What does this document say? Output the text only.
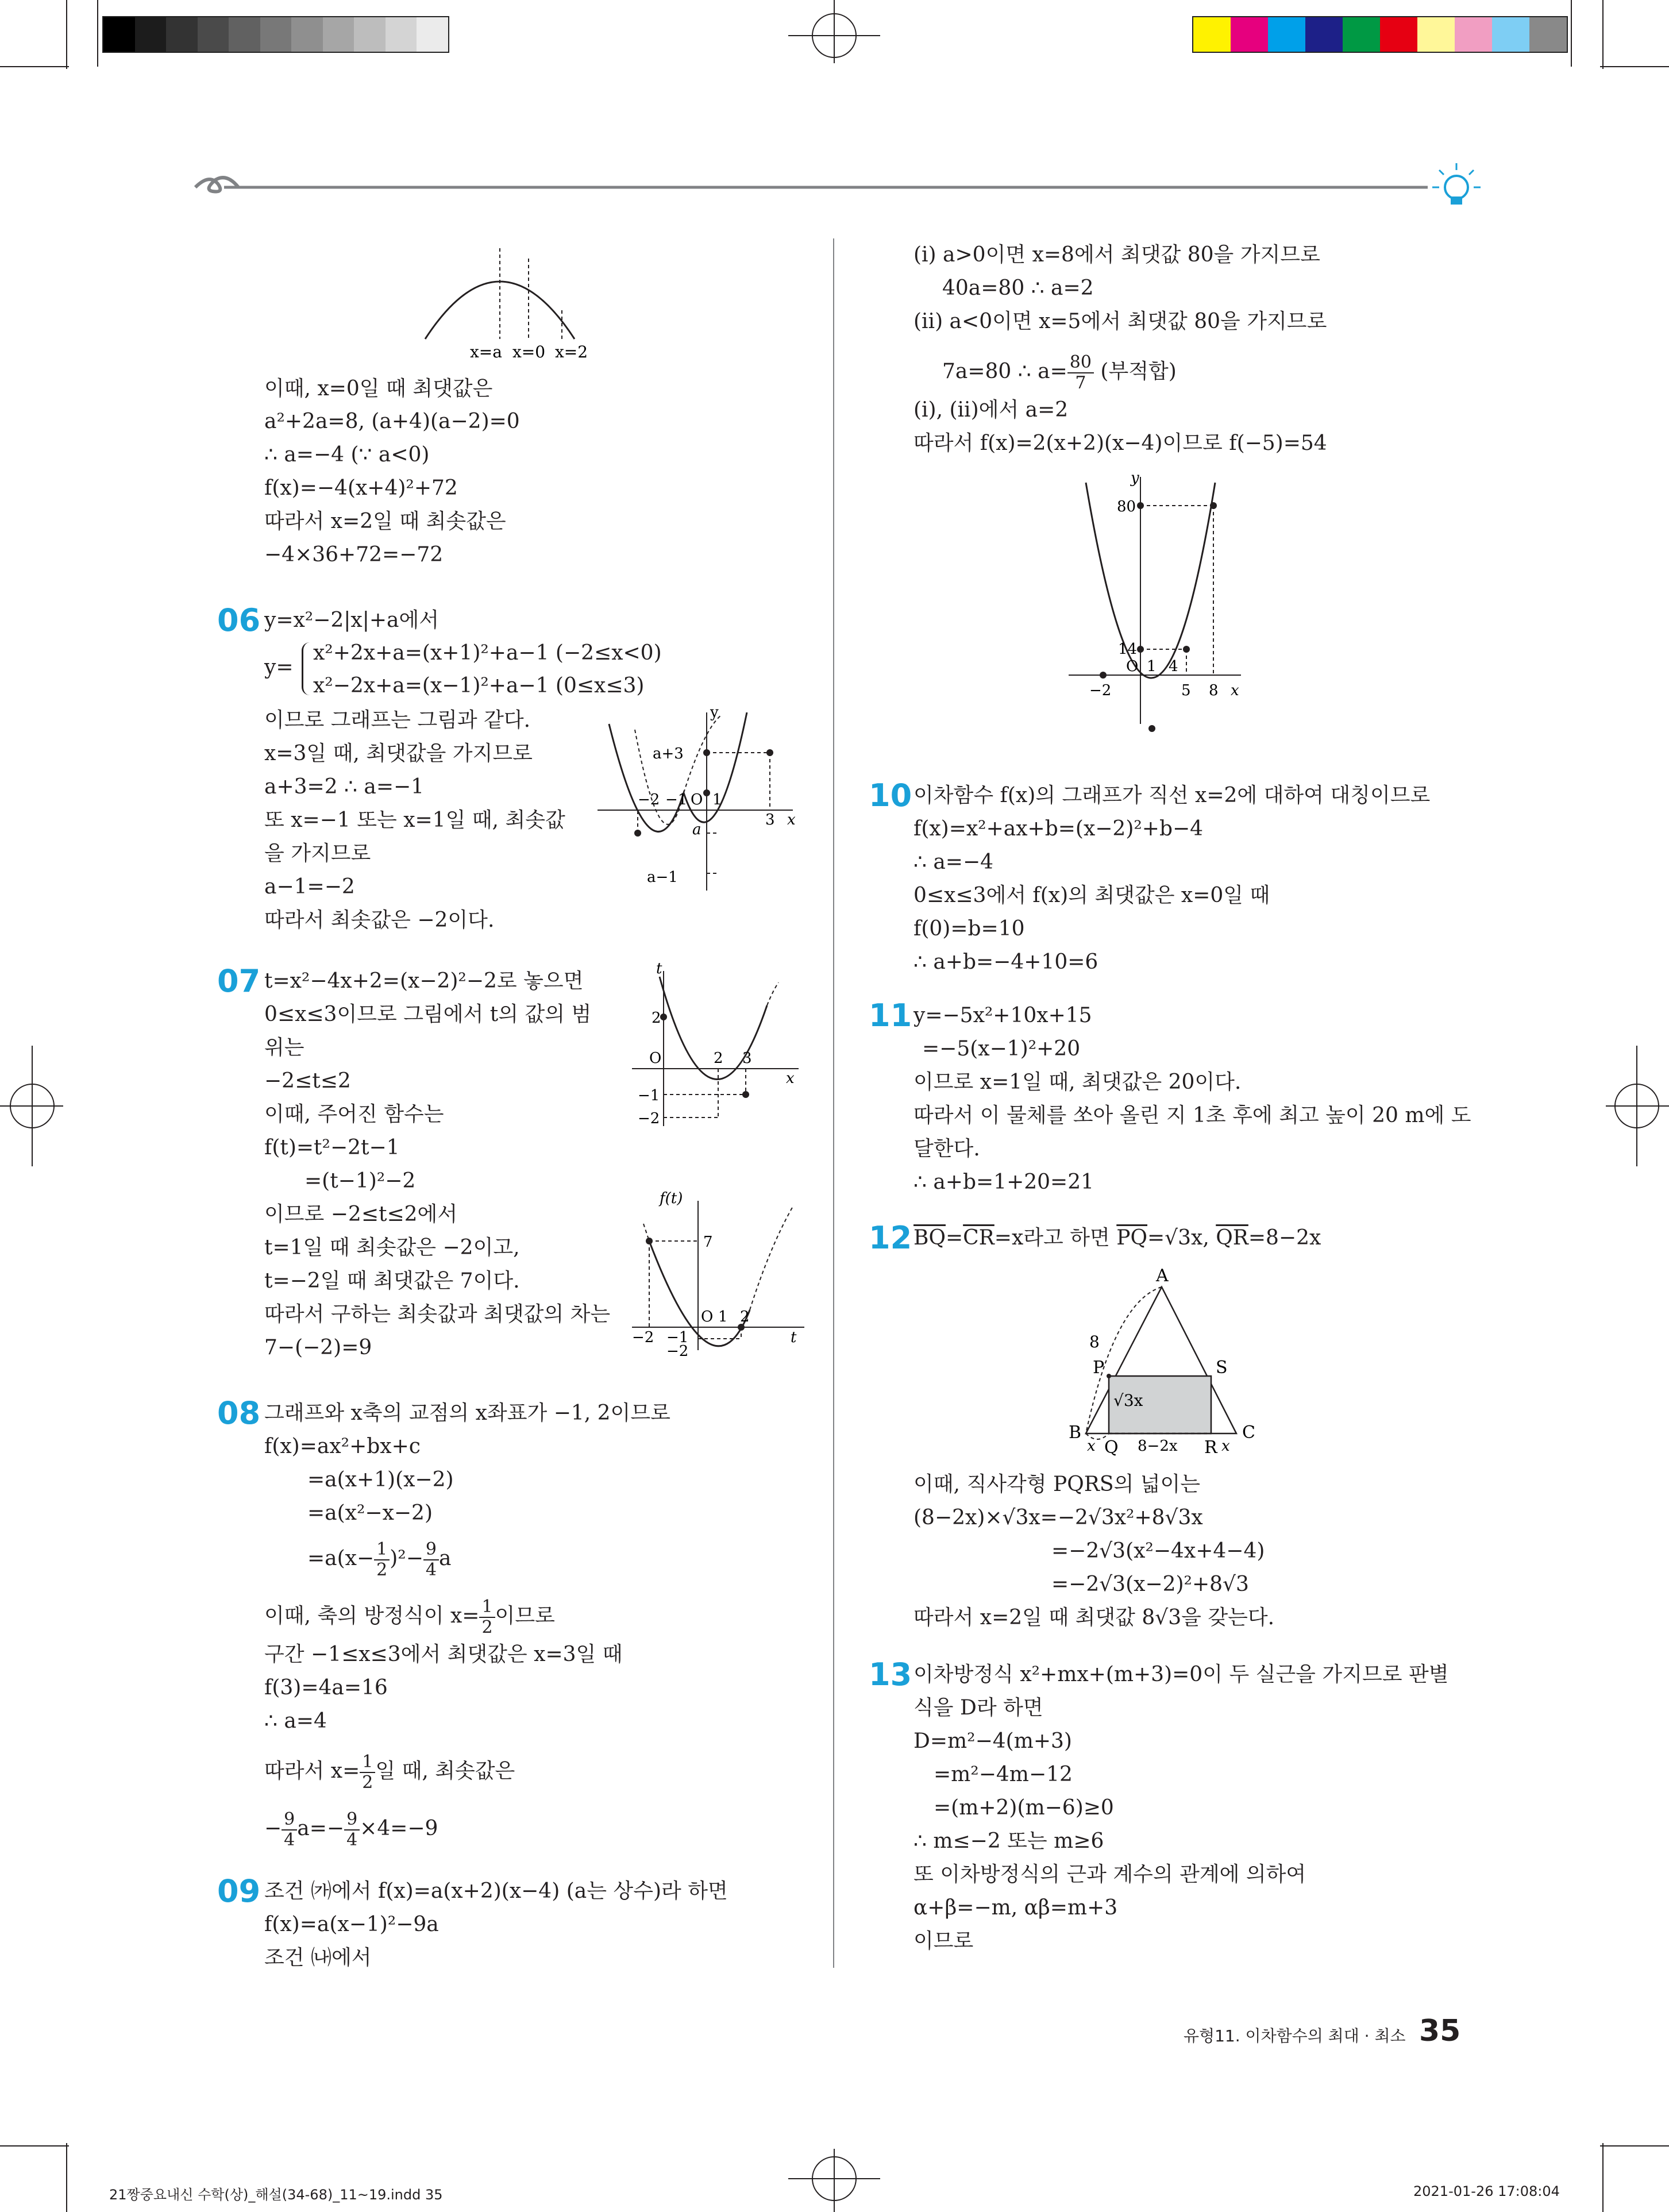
x=a x=0 x=2
이때, x=0일 때 최댓값은
a²+2a=8, (a+4)(a−2)=0
∴ a=−4 (∵ a<0)
f(x)=−4(x+4)²+72
따라서 x=2일 때 최솟값은
−4×36+72=−72
06 y=x²−2|x|+a에서
y=
x²+2x+a=(x+1)²+a−1 (−2≤x<0)
x²−2x+a=(x−1)²+a−1 (0≤x≤3)
이므로 그래프는 그림과 같다.
x=3일 때, 최댓값을 가지므로
a+3=2 ∴ a=−1
또 x=−1 또는 x=1일 때, 최솟값
을 가지므로
a−1=−2
따라서 최솟값은 −2이다.
y
a+3
−2 −1 O 1
3 x
a
a−1
07 t=x²−4x+2=(x−2)²−2로 놓으면
0≤x≤3이므로 그림에서 t의 값의 범
위는
−2≤t≤2
이때, 주어진 함수는
f(t)=t²−2t−1
=(t−1)²−2
이므로 −2≤t≤2에서
t=1일 때 최솟값은 −2이고,
t=−2일 때 최댓값은 7이다.
따라서 구하는 최솟값과 최댓값의 차는
7−(−2)=9
t
2
O	2 3
x
−1
−2
f(t)
7
O 1 2
−2 −1	t
−2
08 그래프와 x축의 교점의 x좌표가 −1, 2이므로
f(x)=ax²+bx+c
=a(x+1)(x−2)
=a(x²−x−2)
$=a(x- \frac{1}{2} )^2- \frac{9}{4}$ a
이때, 축의 방정식이 $x= \frac{1}{2}$ 이므로
구간 −1≤x≤3에서 최댓값은 x=3일 때
f(3)=4a=16
∴ a=4
따라서 $x= \frac{1}{2}$ 일 때, 최솟값은
− $\frac{9}{4} a=- \frac{9}{4} \times 4=-9$
09 조건 ㈎에서 f(x)=a(x+2)(x−4) (a는 상수)라 하면
f(x)=a(x−1)²−9a
조건 ㈏에서
(ⅰ) a>0이면 x=8에서 최댓값 80을 가지므로
40a=80 ∴ a=2
(ⅱ) a<0이면 x=5에서 최댓값 80을 가지므로
7a=80 ∴ $a= \frac{80}{7}$ (부적합)
(ⅰ), (ⅱ)에서 a=2
따라서 f(x)=2(x+2)(x−4)이므로 f(−5)=54
y
80
14
O 1 4
−2	5 8 x
10 이차함수 f(x)의 그래프가 직선 x=2에 대하여 대칭이므로
f(x)=x²+ax+b=(x−2)²+b−4
∴ a=−4
0≤x≤3에서 f(x)의 최댓값은 x=0일 때
f(0)=b=10
∴ a+b=−4+10=6
11 y=−5x²+10x+15
=−5(x−1)²+20
이므로 x=1일 때, 최댓값은 20이다.
따라서 이 물체를 쏘아 올린 지 1초 후에 최고 높이 20 m에 도
달한다.
∴ a+b=1+20=21
12 $\overline{BQ}=\overline{CR}=x$라고 하면 $\overline{PQ}=√3x$, $\overline{QR}=8-2x$
A
8
P	S
√3x
B
x Q 8−2x R x
C
이때, 직사각형 PQRS의 넓이는
(8−2x)×√3x=−2√3x²+8√3x
=−2√3(x²−4x+4−4)
=−2√3(x−2)²+8√3
따라서 x=2일 때 최댓값 8√3을 갖는다.
13 이차방정식 x²+mx+(m+3)=0이 두 실근을 가지므로 판별
식을 D라 하면
D=m²−4(m+3)
=m²−4m−12
=(m+2)(m−6)≥0
∴ m≤−2 또는 m≥6
또 이차방정식의 근과 계수의 관계에 의하여
α+β=−m, αβ=m+3
이므로
유형11. 이차함수의 최대 · 최소 35
21짱중요내신 수학(상)_해설(34-68)_11~19.indd 35	2021-01-26 17:08:04
